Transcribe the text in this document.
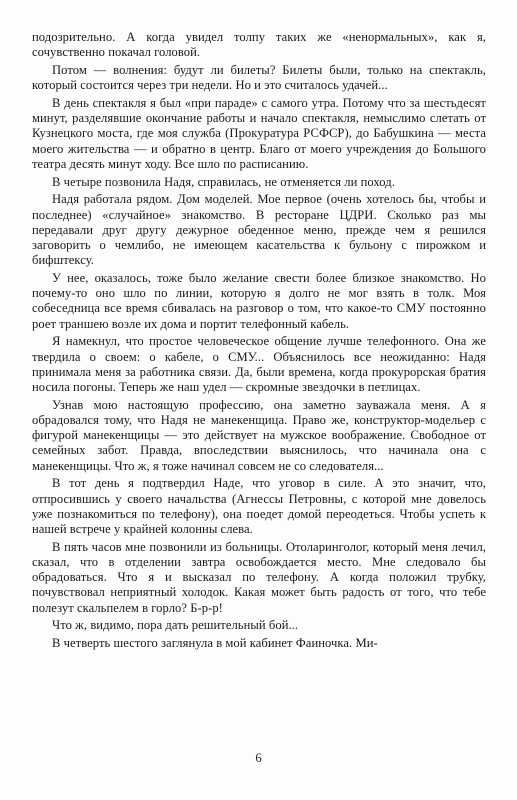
подозрительно. А когда увидел толпу таких же «ненормальных», как я, сочувственно покачал головой.

Потом — волнения: будут ли билеты? Билеты были, только на спектакль, который состоится через три недели. Но и это считалось удачей...

В день спектакля я был «при параде» с самого утра. Потому что за шестьдесят минут, разделявшие окончание работы и начало спектакля, немыслимо слетать от Кузнецкого моста, где моя служба (Прокуратура РСФСР), до Бабушкина — места моего жительства — и обратно в центр. Благо от моего учреждения до Большого театра десять минут ходу. Все шло по расписанию.

В четыре позвонила Надя, справилась, не отменяется ли поход.

Надя работала рядом. Дом моделей. Мое первое (очень хотелось бы, чтобы и последнее) «случайное» знакомство. В ресторане ЦДРИ. Сколько раз мы передавали друг другу дежурное обеденное меню, прежде чем я решился заговорить о чемлибо, не имеющем касательства к бульону с пирожком и бифштексу.

У нее, оказалось, тоже было желание свести более близкое знакомство. Но почему-то оно шло по линии, которую я долго не мог взять в толк. Моя собеседница все время сбивалась на разговор о том, что какое-то СМУ постоянно роет траншею возле их дома и портит телефонный кабель.

Я намекнул, что простое человеческое общение лучше телефонного. Она же твердила о своем: о кабеле, о СМУ... Объяснилось все неожиданно: Надя принимала меня за работника связи. Да, были времена, когда прокурорская братия носила погоны. Теперь же наш удел — скромные звездочки в петлицах.

Узнав мою настоящую профессию, она заметно зауважала меня. А я обрадовался тому, что Надя не манекенщица. Право же, конструктор-модельер с фигурой манекенщицы — это действует на мужское воображение. Свободное от семейных забот. Правда, впоследствии выяснилось, что начинала она с манекенщицы. Что ж, я тоже начинал совсем не со следователя...

В тот день я подтвердил Наде, что уговор в силе. А это значит, что, отпросившись у своего начальства (Агнессы Петровны, с которой мне довелось уже познакомиться по телефону), она поедет домой переодеться. Чтобы успеть к нашей встрече у крайней колонны слева.

В пять часов мне позвонили из больницы. Отоларинголог, который меня лечил, сказал, что в отделении завтра освобождается место. Мне следовало бы обрадоваться. Что я и высказал по телефону. А когда положил трубку, почувствовал неприятный холодок. Какая может быть радость от того, что тебе полезут скальпелем в горло? Б-р-р!

Что ж, видимо, пора дать решительный бой...

В четверть шестого заглянула в мой кабинет Фаиночка. Ми-

6
